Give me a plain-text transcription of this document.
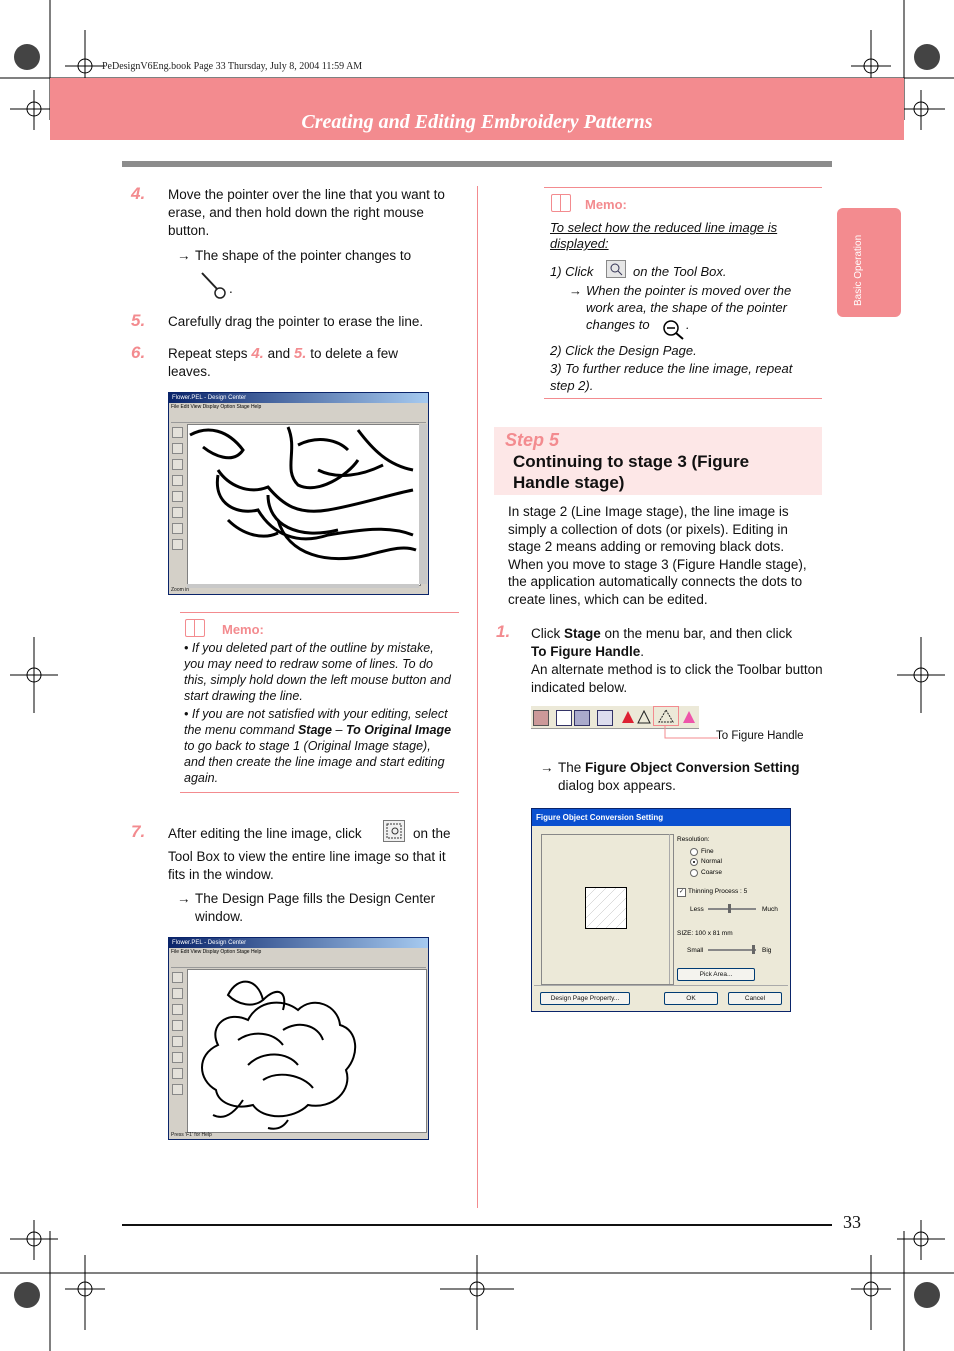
PeDesignV6Eng.book Page 33 Thursday, July 8, 2004 11:59 AM
Creating and Editing Embroidery Patterns
Basic Operation
4. Move the pointer over the line that you want to erase, and then hold down the right mouse button.
→ The shape of the pointer changes to
.
5. Carefully drag the pointer to erase the line.
6. Repeat steps 4. and 5. to delete a few
leaves.
Flower.PEL - Design Center
File Edit View Display Option Stage Help
Zoom in
Memo:
• If you deleted part of the outline by mistake, you may need to redraw some of lines. To do this, simply hold down the left mouse button and start drawing the line.
• If you are not satisfied with your editing, select the menu command Stage – To Original Image to go back to stage 1 (Original Image stage), and then create the line image and start editing again.
7. After editing the line image, click	on the
Tool Box to view the entire line image so that it fits in the window.
→ The Design Page fills the Design Center window.
Flower.PEL - Design Center
File Edit View Display Option Stage Help
Press 'F1' for Help
Memo:
To select how the reduced line image is displayed:
1) Click	on the Tool Box.
→ When the pointer is moved over the work area, the shape of the pointer changes to	.
2) Click the Design Page.
3) To further reduce the line image, repeat step 2).
Step 5
Continuing to stage 3 (Figure Handle stage)
In stage 2 (Line Image stage), the line image is simply a collection of dots (or pixels). Editing in stage 2 means adding or removing black dots. When you move to stage 3 (Figure Handle stage), the application automatically connects the dots to create lines, which can be edited.
1. Click Stage on the menu bar, and then click
To Figure Handle.
An alternate method is to click the Toolbar button indicated below.
To Figure Handle
→ The Figure Object Conversion Setting dialog box appears.
Figure Object Conversion Setting
Resolution:
Fine
Normal
Coarse
✓ Thinning Process : 5
Less	Much
SIZE: 100 x 81 mm
Small	Big
Pick Area...
Design Page Property...	OK	Cancel
33
